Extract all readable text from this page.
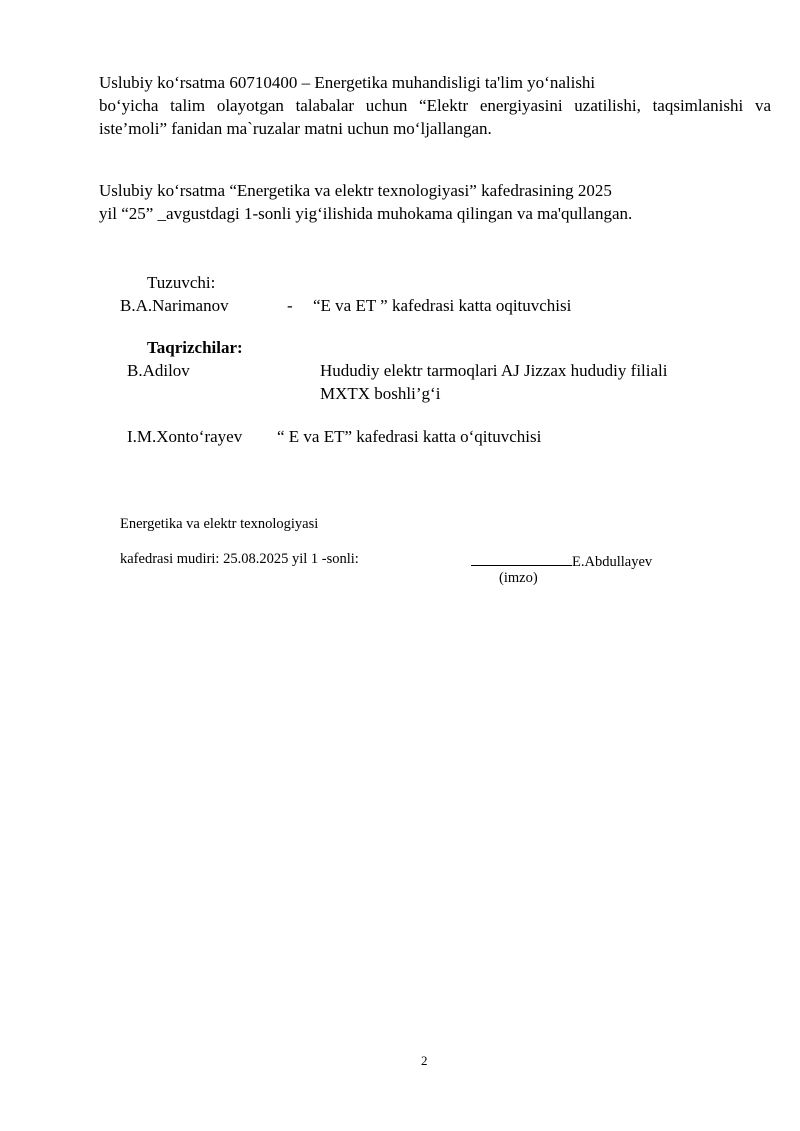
Uslubiy ko‘rsatma 60710400 – Energetika muhandisligi ta'lim yo‘nalishi
bo‘yicha talim olayotgan talabalar uchun “Elektr energiyasini uzatilishi, taqsimlanishi va
iste’moli” fanidan ma`ruzalar matni uchun mo‘ljallangan.
Uslubiy ko‘rsatma “Energetika va elektr texnologiyasi” kafedrasining 2025
yil “25” _avgustdagi 1-sonli yig‘ilishida muhokama qilingan va ma'qullangan.
Tuzuvchi:
B.A.Narimanov	- “E va ET ” kafedrasi katta oqituvchisi
Taqrizchilar:
B.Adilov	Hududiy elektr tarmoqlari AJ Jizzax hududiy filiali
MXTX boshli’g‘i
I.M.Xonto‘rayev “ E va ET” kafedrasi katta o‘qituvchisi
Energetika va elektr texnologiyasi
kafedrasi mudiri: 25.08.2025 yil 1 -sonli:	E.Abdullayev
(imzo)
2
